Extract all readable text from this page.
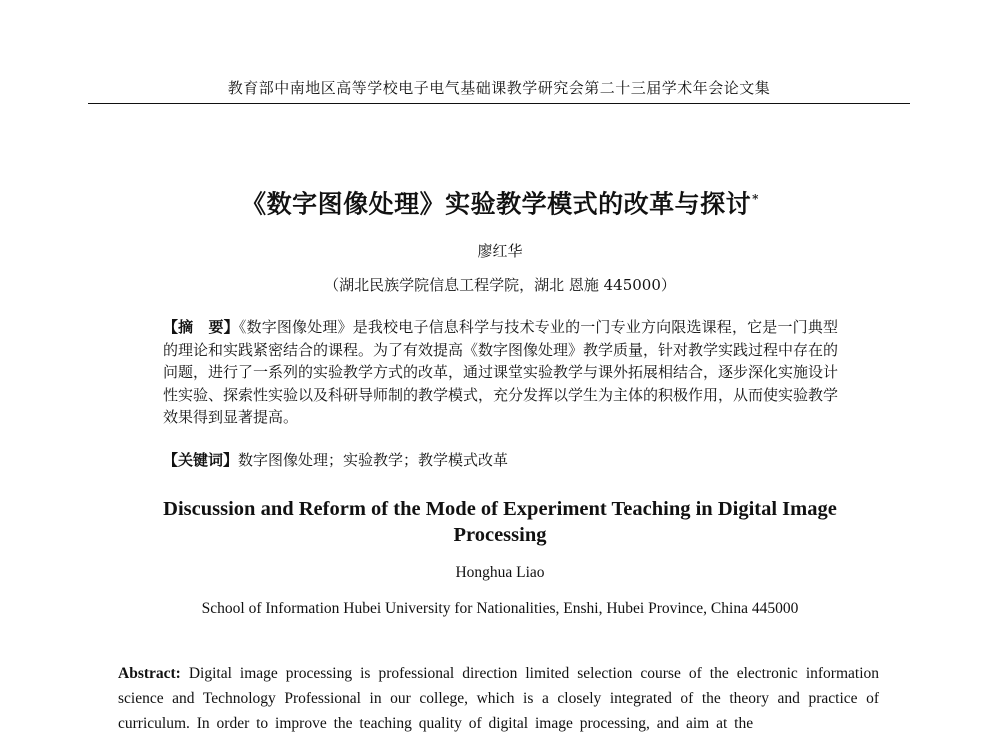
教育部中南地区高等学校电子电气基础课教学研究会第二十三届学术年会论文集
《数字图像处理》实验教学模式的改革与探讨*
廖红华
（湖北民族学院信息工程学院，湖北 恩施 445000）
【摘　要】《数字图像处理》是我校电子信息科学与技术专业的一门专业方向限选课程，它是一门典型的理论和实践紧密结合的课程。为了有效提高《数字图像处理》教学质量，针对教学实践过程中存在的问题，进行了一系列的实验教学方式的改革，通过课堂实验教学与课外拓展相结合，逐步深化实施设计性实验、探索性实验以及科研导师制的教学模式，充分发挥以学生为主体的积极作用，从而使实验教学效果得到显著提高。
【关键词】数字图像处理；实验教学；教学模式改革
Discussion and Reform of the Mode of Experiment Teaching in Digital Image Processing
Honghua Liao
School of Information Hubei University for Nationalities, Enshi, Hubei Province, China 445000
Abstract: Digital image processing is professional direction limited selection course of the electronic information science and Technology Professional in our college, which is a closely integrated of the theory and practice of curriculum. In order to improve the teaching quality of digital image processing, and aim at the
